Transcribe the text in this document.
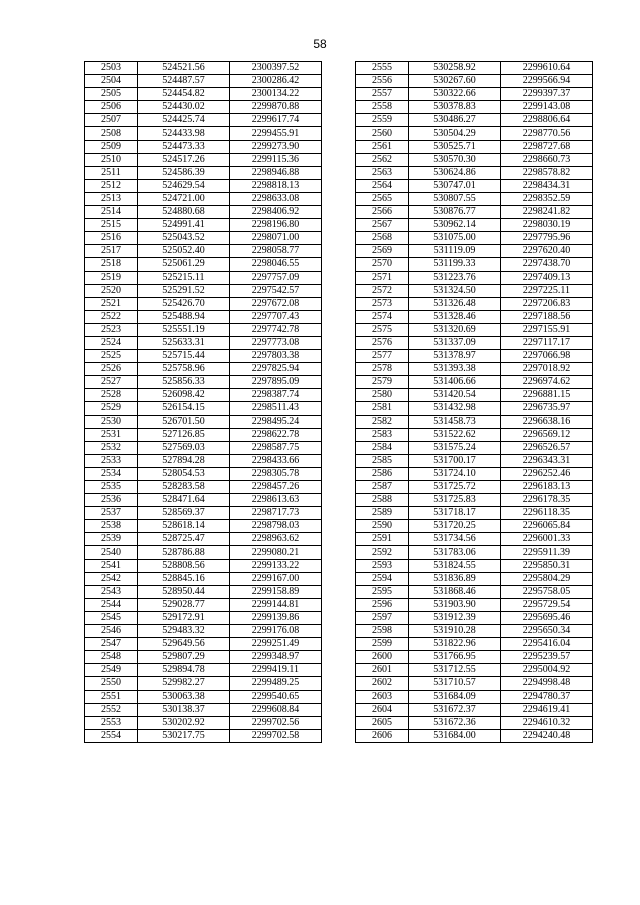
58
2503	524521.56	2300397.52
2504	524487.57	2300286.42
2505	524454.82	2300134.22
2506	524430.02	2299870.88
2507	524425.74	2299617.74
2508	524433.98	2299455.91
2509	524473.33	2299273.90
2510	524517.26	2299115.36
2511	524586.39	2298946.88
2512	524629.54	2298818.13
2513	524721.00	2298633.08
2514	524880.68	2298406.92
2515	524991.41	2298196.80
2516	525043.52	2298071.00
2517	525052.40	2298058.77
2518	525061.29	2298046.55
2519	525215.11	2297757.09
2520	525291.52	2297542.57
2521	525426.70	2297672.08
2522	525488.94	2297707.43
2523	525551.19	2297742.78
2524	525633.31	2297773.08
2525	525715.44	2297803.38
2526	525758.96	2297825.94
2527	525856.33	2297895.09
2528	526098.42	2298387.74
2529	526154.15	2298511.43
2530	526701.50	2298495.24
2531	527126.85	2298622.78
2532	527569.03	2298587.75
2533	527894.28	2298433.66
2534	528054.53	2298305.78
2535	528283.58	2298457.26
2536	528471.64	2298613.63
2537	528569.37	2298717.73
2538	528618.14	2298798.03
2539	528725.47	2298963.62
2540	528786.88	2299080.21
2541	528808.56	2299133.22
2542	528845.16	2299167.00
2543	528950.44	2299158.89
2544	529028.77	2299144.81
2545	529172.91	2299139.86
2546	529483.32	2299176.08
2547	529649.56	2299251.49
2548	529807.29	2299348.97
2549	529894.78	2299419.11
2550	529982.27	2299489.25
2551	530063.38	2299540.65
2552	530138.37	2299608.84
2553	530202.92	2299702.56
2554	530217.75	2299702.58
2555	530258.92	2299610.64
2556	530267.60	2299566.94
2557	530322.66	2299397.37
2558	530378.83	2299143.08
2559	530486.27	2298806.64
2560	530504.29	2298770.56
2561	530525.71	2298727.68
2562	530570.30	2298660.73
2563	530624.86	2298578.82
2564	530747.01	2298434.31
2565	530807.55	2298352.59
2566	530876.77	2298241.82
2567	530962.14	2298030.19
2568	531075.00	2297795.96
2569	531119.09	2297620.40
2570	531199.33	2297438.70
2571	531223.76	2297409.13
2572	531324.50	2297225.11
2573	531326.48	2297206.83
2574	531328.46	2297188.56
2575	531320.69	2297155.91
2576	531337.09	2297117.17
2577	531378.97	2297066.98
2578	531393.38	2297018.92
2579	531406.66	2296974.62
2580	531420.54	2296881.15
2581	531432.98	2296735.97
2582	531458.73	2296638.16
2583	531522.62	2296569.12
2584	531575.24	2296526.57
2585	531700.17	2296343.31
2586	531724.10	2296252.46
2587	531725.72	2296183.13
2588	531725.83	2296178.35
2589	531718.17	2296118.35
2590	531720.25	2296065.84
2591	531734.56	2296001.33
2592	531783.06	2295911.39
2593	531824.55	2295850.31
2594	531836.89	2295804.29
2595	531868.46	2295758.05
2596	531903.90	2295729.54
2597	531912.39	2295695.46
2598	531910.28	2295650.34
2599	531822.96	2295416.04
2600	531766.95	2295239.57
2601	531712.55	2295004.92
2602	531710.57	2294998.48
2603	531684.09	2294780.37
2604	531672.37	2294619.41
2605	531672.36	2294610.32
2606	531684.00	2294240.48
